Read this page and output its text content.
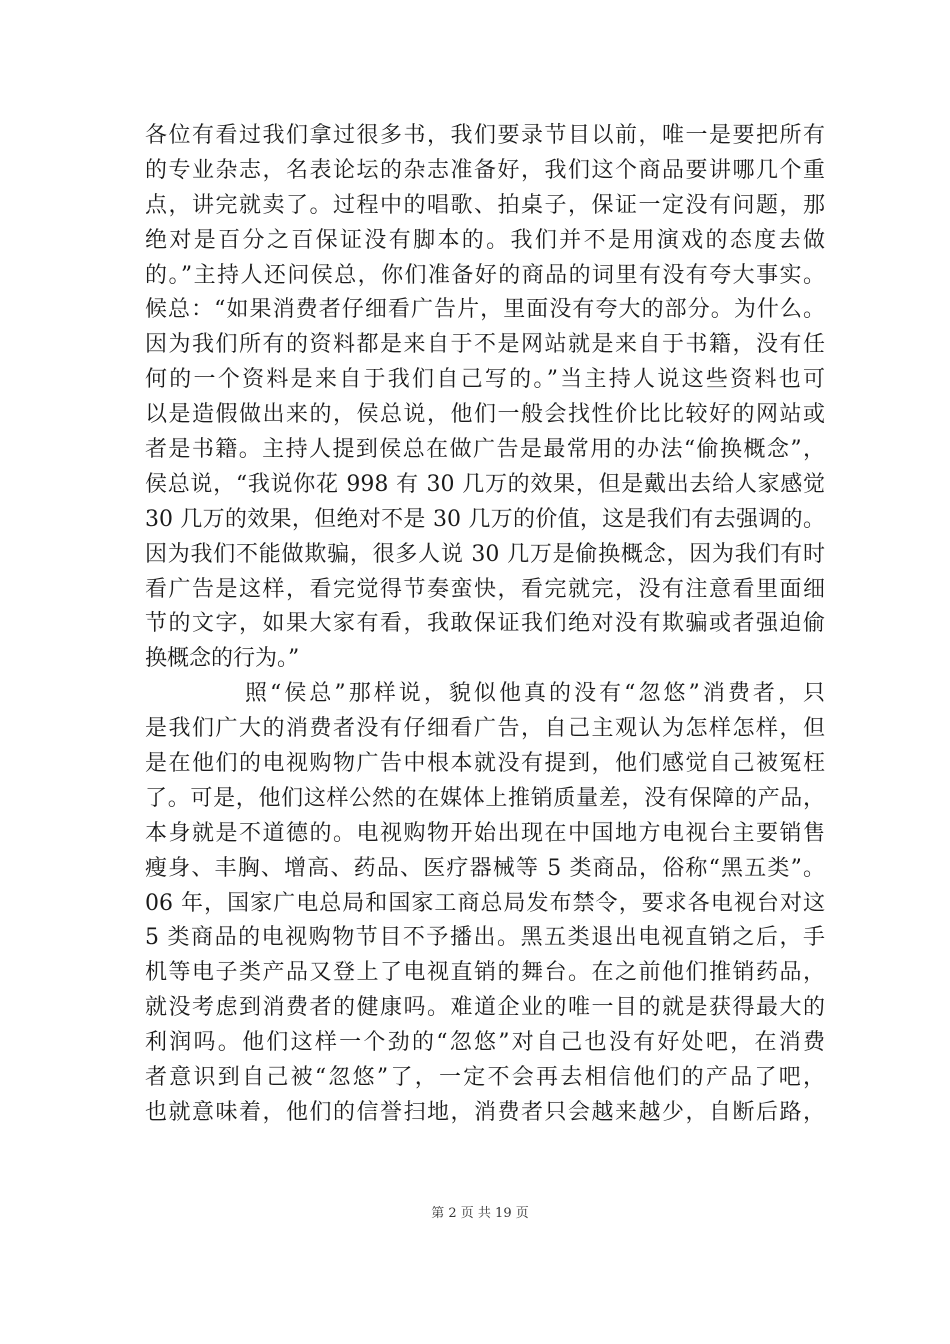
各位有看过我们拿过很多书，我们要录节目以前，唯一是要把所有
的专业杂志，名表论坛的杂志准备好，我们这个商品要讲哪几个重
点，讲完就卖了。过程中的唱歌、拍桌子，保证一定没有问题，那
绝对是百分之百保证没有脚本的。我们并不是用演戏的态度去做
的。”主持人还问侯总，你们准备好的商品的词里有没有夸大事实。
候总：“如果消费者仔细看广告片，里面没有夸大的部分。为什么。
因为我们所有的资料都是来自于不是网站就是来自于书籍，没有任
何的一个资料是来自于我们自己写的。”当主持人说这些资料也可
以是造假做出来的，侯总说，他们一般会找性价比比较好的网站或
者是书籍。主持人提到侯总在做广告是最常用的办法“偷换概念”，
侯总说，“我说你花 998 有 30 几万的效果，但是戴出去给人家感觉
30 几万的效果，但绝对不是 30 几万的价值，这是我们有去强调的。
因为我们不能做欺骗，很多人说 30 几万是偷换概念，因为我们有时
看广告是这样，看完觉得节奏蛮快，看完就完，没有注意看里面细
节的文字，如果大家有看，我敢保证我们绝对没有欺骗或者强迫偷
换概念的行为。”
照“侯总”那样说，貌似他真的没有“忽悠”消费者，只
是我们广大的消费者没有仔细看广告，自己主观认为怎样怎样，但
是在他们的电视购物广告中根本就没有提到，他们感觉自己被冤枉
了。可是，他们这样公然的在媒体上推销质量差，没有保障的产品，
本身就是不道德的。电视购物开始出现在中国地方电视台主要销售
瘦身、丰胸、增高、药品、医疗器械等 5 类商品，俗称“黑五类”。
06 年，国家广电总局和国家工商总局发布禁令，要求各电视台对这
5 类商品的电视购物节目不予播出。黑五类退出电视直销之后，手
机等电子类产品又登上了电视直销的舞台。在之前他们推销药品，
就没考虑到消费者的健康吗。难道企业的唯一目的就是获得最大的
利润吗。他们这样一个劲的“忽悠”对自己也没有好处吧，在消费
者意识到自己被“忽悠”了，一定不会再去相信他们的产品了吧，
也就意味着，他们的信誉扫地，消费者只会越来越少，自断后路，
第 2 页 共 19 页
